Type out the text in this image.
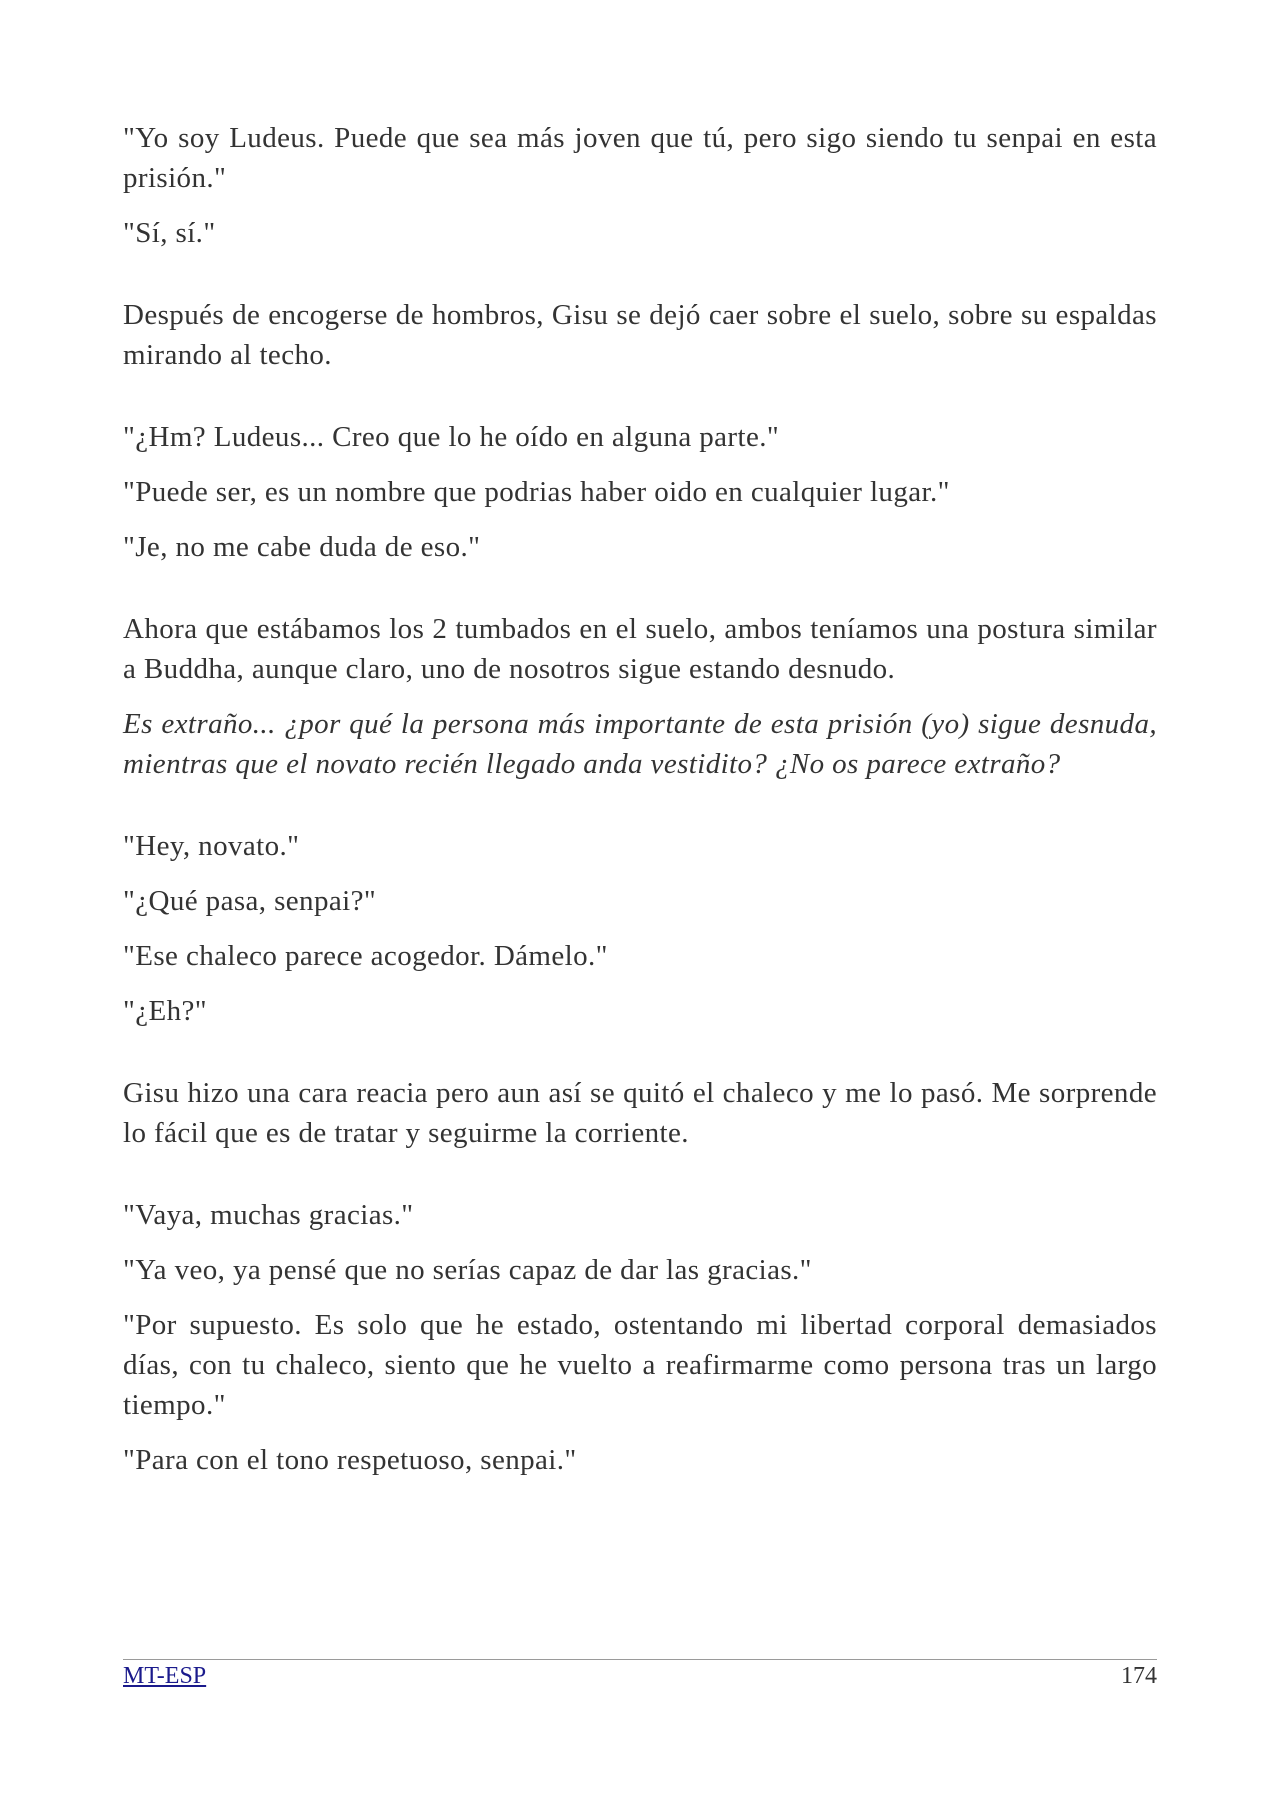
"Yo soy Ludeus. Puede que sea más joven que tú, pero sigo siendo tu senpai en esta prisión."

"Sí, sí."

Después de encogerse de hombros, Gisu se dejó caer sobre el suelo, sobre su espaldas mirando al techo.

"¿Hm? Ludeus... Creo que lo he oído en alguna parte."

"Puede ser, es un nombre que podrias haber oido en cualquier lugar."

"Je, no me cabe duda de eso."

Ahora que estábamos los 2 tumbados en el suelo, ambos teníamos una postura similar a Buddha, aunque claro, uno de nosotros sigue estando desnudo.

Es extraño... ¿por qué la persona más importante de esta prisión (yo) sigue desnuda, mientras que el novato recién llegado anda vestidito? ¿No os parece extraño?

"Hey, novato."

"¿Qué pasa, senpai?"

"Ese chaleco parece acogedor. Dámelo."

"¿Eh?"

Gisu hizo una cara reacia pero aun así se quitó el chaleco y me lo pasó. Me sorprende lo fácil que es de tratar y seguirme la corriente.

"Vaya, muchas gracias."

"Ya veo, ya pensé que no serías capaz de dar las gracias."

"Por supuesto. Es solo que he estado, ostentando mi libertad corporal demasiados días, con tu chaleco, siento que he vuelto a reafirmarme como persona tras un largo tiempo."

"Para con el tono respetuoso, senpai."

MT-ESP	174
